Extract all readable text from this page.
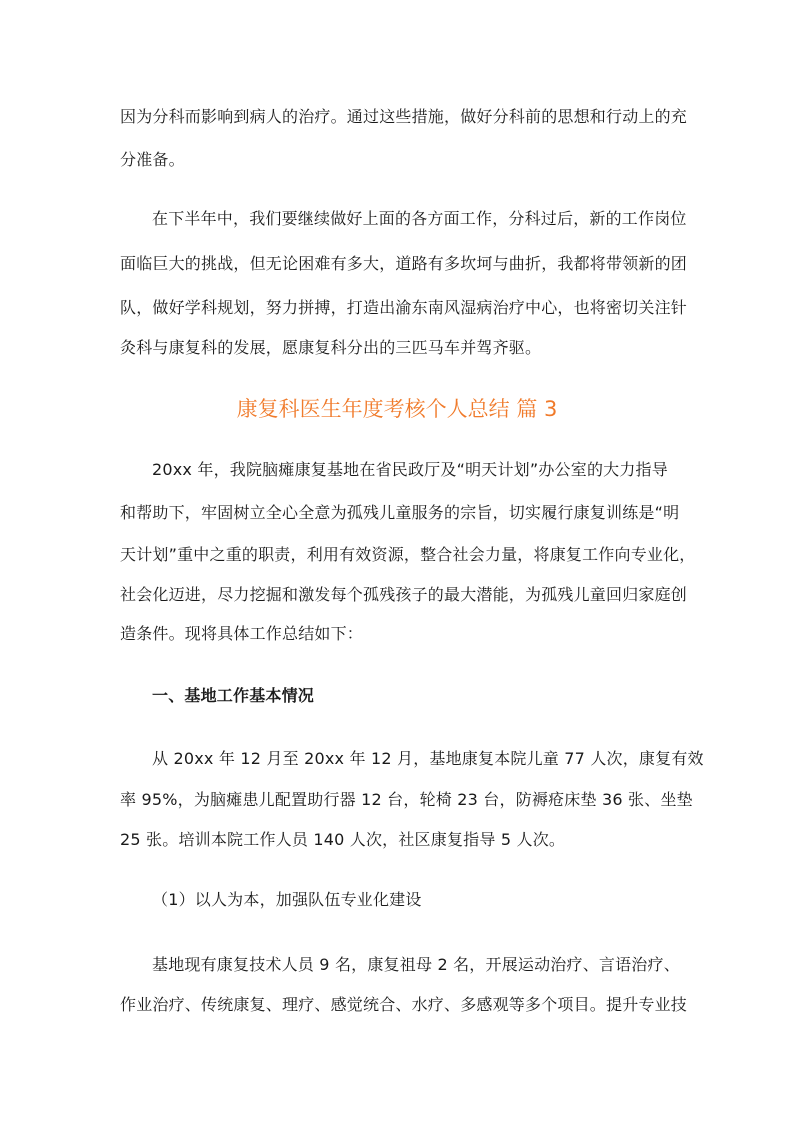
因为分科而影响到病人的治疗。通过这些措施，做好分科前的思想和行动上的充
分准备。
在下半年中，我们要继续做好上面的各方面工作，分科过后，新的工作岗位
面临巨大的挑战，但无论困难有多大，道路有多坎坷与曲折，我都将带领新的团
队，做好学科规划，努力拼搏，打造出渝东南风湿病治疗中心，也将密切关注针
灸科与康复科的发展，愿康复科分出的三匹马车并驾齐驱。
康复科医生年度考核个人总结 篇 3
20xx 年，我院脑瘫康复基地在省民政厅及“明天计划”办公室的大力指导
和帮助下，牢固树立全心全意为孤残儿童服务的宗旨，切实履行康复训练是“明
天计划”重中之重的职责，利用有效资源，整合社会力量，将康复工作向专业化，
社会化迈进，尽力挖掘和激发每个孤残孩子的最大潜能，为孤残儿童回归家庭创
造条件。现将具体工作总结如下：
一、基地工作基本情况
从 20xx 年 12 月至 20xx 年 12 月，基地康复本院儿童 77 人次，康复有效
率 95%，为脑瘫患儿配置助行器 12 台，轮椅 23 台，防褥疮床垫 36 张、坐垫
25 张。培训本院工作人员 140 人次，社区康复指导 5 人次。
（1）以人为本，加强队伍专业化建设
基地现有康复技术人员 9 名，康复祖母 2 名，开展运动治疗、言语治疗、
作业治疗、传统康复、理疗、感觉统合、水疗、多感观等多个项目。提升专业技
